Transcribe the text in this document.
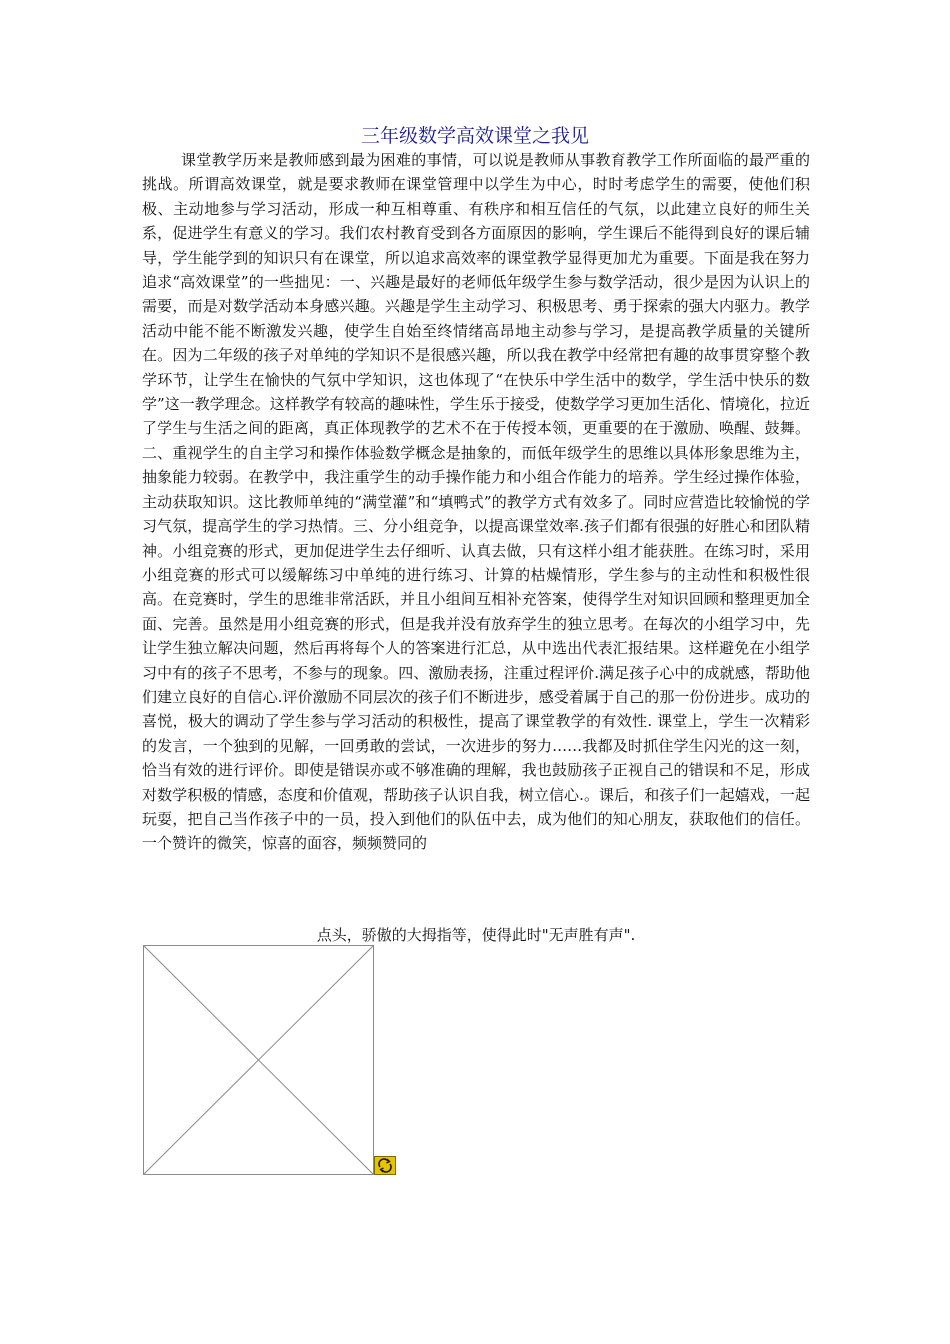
三年级数学高效课堂之我见
课堂教学历来是教师感到最为困难的事情，可以说是教师从事教育教学工作所面临的最严重的挑战。所谓高效课堂，就是要求教师在课堂管理中以学生为中心，时时考虑学生的需要，使他们积极、主动地参与学习活动，形成一种互相尊重、有秩序和相互信任的气氛，以此建立良好的师生关系，促进学生有意义的学习。我们农村教育受到各方面原因的影响，学生课后不能得到良好的课后辅导，学生能学到的知识只有在课堂，所以追求高效率的课堂教学显得更加尤为重要。下面是我在努力追求“高效课堂”的一些拙见：一、兴趣是最好的老师低年级学生参与数学活动，很少是因为认识上的需要，而是对数学活动本身感兴趣。兴趣是学生主动学习、积极思考、勇于探索的强大内驱力。教学活动中能不能不断激发兴趣，使学生自始至终情绪高昂地主动参与学习，是提高教学质量的关键所在。因为二年级的孩子对单纯的学知识不是很感兴趣，所以我在教学中经常把有趣的故事贯穿整个教学环节，让学生在愉快的气氛中学知识，这也体现了“在快乐中学生活中的数学，学生活中快乐的数学”这一教学理念。这样教学有较高的趣味性，学生乐于接受，使数学学习更加生活化、情境化，拉近了学生与生活之间的距离，真正体现教学的艺术不在于传授本领，更重要的在于激励、唤醒、鼓舞。二、重视学生的自主学习和操作体验数学概念是抽象的，而低年级学生的思维以具体形象思维为主，抽象能力较弱。在教学中，我注重学生的动手操作能力和小组合作能力的培养。学生经过操作体验，主动获取知识。这比教师单纯的“满堂灌”和“填鸭式”的教学方式有效多了。同时应营造比较愉悦的学习气氛，提高学生的学习热情。三、分小组竞争，以提高课堂效率.孩子们都有很强的好胜心和团队精神。小组竞赛的形式，更加促进学生去仔细听、认真去做，只有这样小组才能获胜。在练习时，采用小组竞赛的形式可以缓解练习中单纯的进行练习、计算的枯燥情形，学生参与的主动性和积极性很高。在竞赛时，学生的思维非常活跃，并且小组间互相补充答案，使得学生对知识回顾和整理更加全面、完善。虽然是用小组竞赛的形式，但是我并没有放弃学生的独立思考。在每次的小组学习中，先让学生独立解决问题，然后再将每个人的答案进行汇总，从中选出代表汇报结果。这样避免在小组学习中有的孩子不思考，不参与的现象。四、激励表扬，注重过程评价.满足孩子心中的成就感，帮助他们建立良好的自信心.评价激励不同层次的孩子们不断进步，感受着属于自己的那一份份进步。成功的喜悦，极大的调动了学生参与学习活动的积极性，提高了课堂教学的有效性. 课堂上，学生一次精彩的发言，一个独到的见解，一回勇敢的尝试，一次进步的努力……我都及时抓住学生闪光的这一刻，恰当有效的进行评价。即使是错误亦或不够准确的理解，我也鼓励孩子正视自己的错误和不足，形成对数学积极的情感，态度和价值观，帮助孩子认识自我，树立信心.。课后，和孩子们一起嬉戏，一起玩耍，把自己当作孩子中的一员，投入到他们的队伍中去，成为他们的知心朋友，获取他们的信任。一个赞许的微笑，惊喜的面容，频频赞同的
点头，骄傲的大拇指等，使得此时"无声胜有声".
